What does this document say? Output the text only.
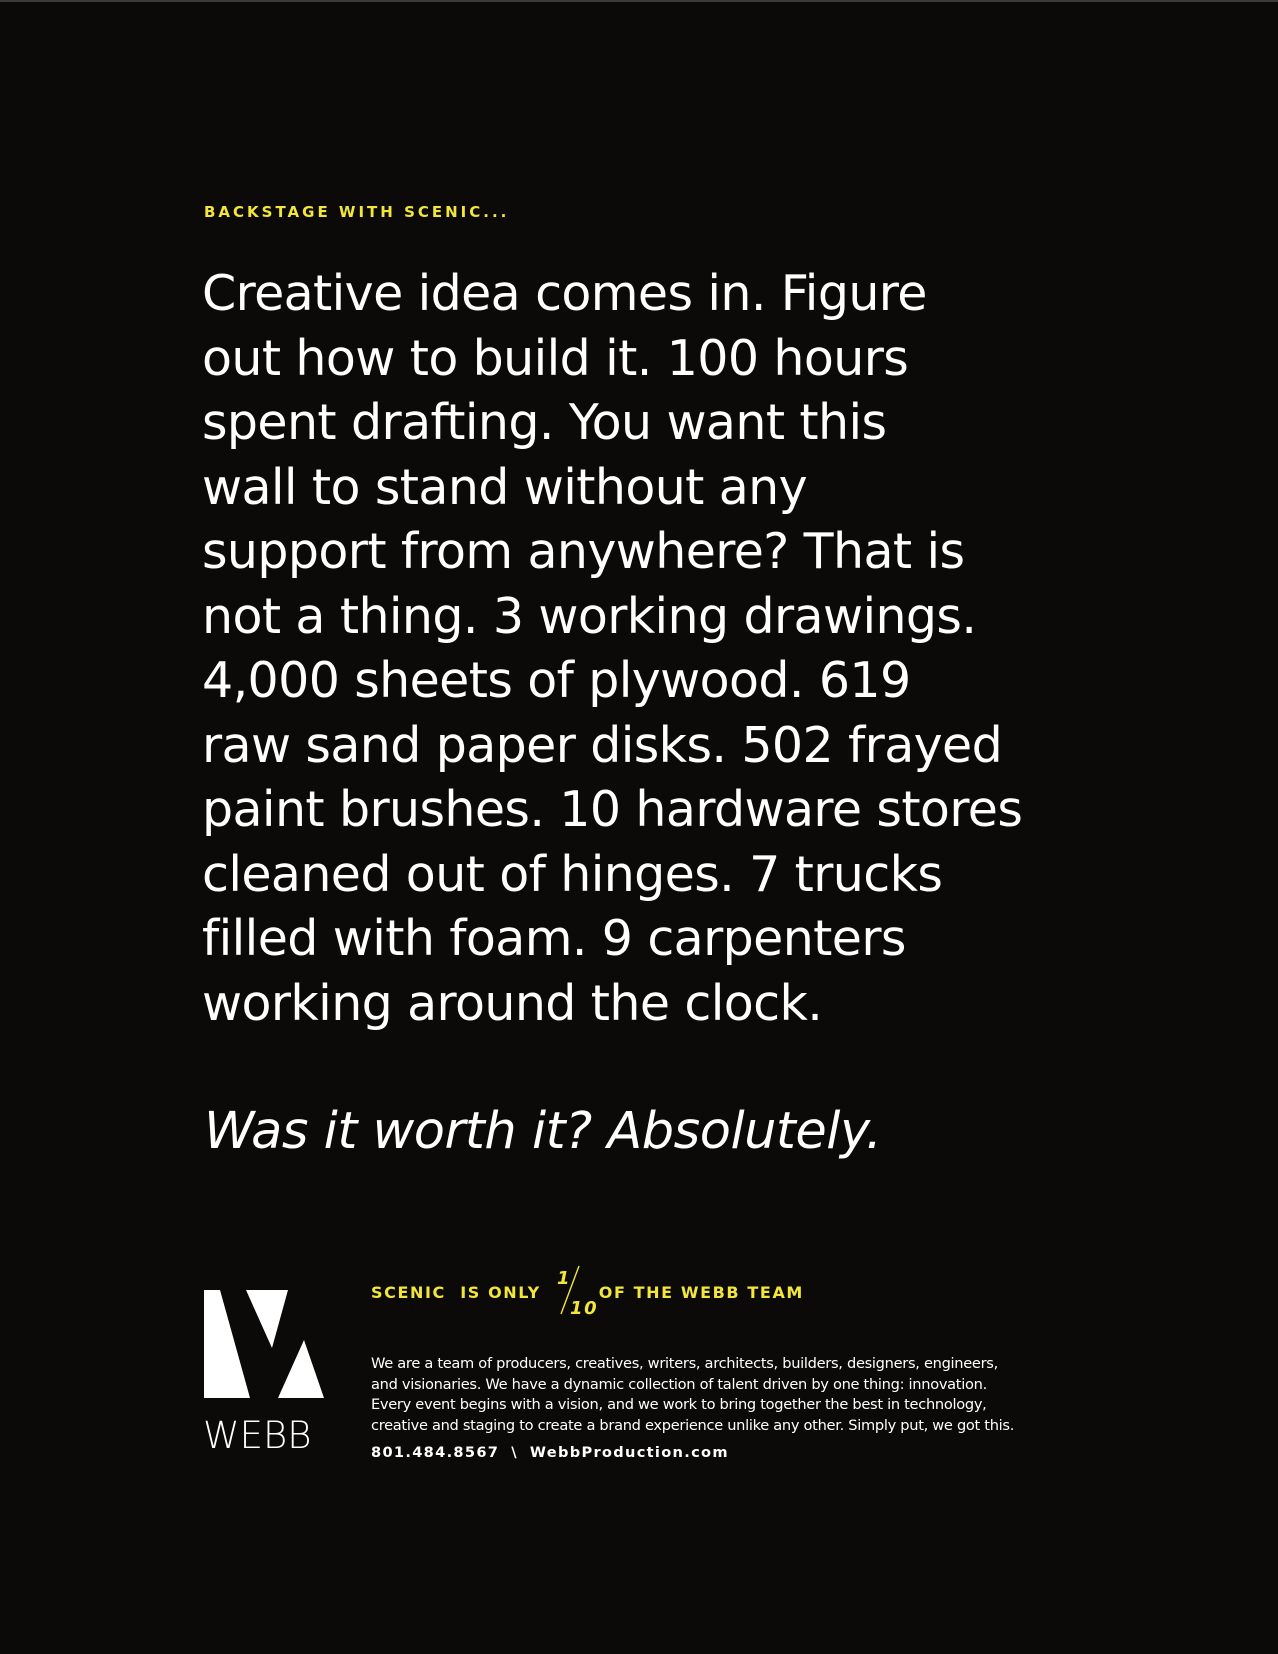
BACKSTAGE WITH SCENIC...
Creative idea comes in. Figure
out how to build it. 100 hours
spent drafting. You want this
wall to stand without any
support from anywhere? That is
not a thing. 3 working drawings.
4,000 sheets of plywood. 619
raw sand paper disks. 502 frayed
paint brushes. 10 hardware stores
cleaned out of hinges. 7 trucks
filled with foam. 9 carpenters
working around the clock.

Was it worth it? Absolutely.

WEBB
SCENIC  IS ONLY
1
10
OF THE WEBB TEAM

We are a team of producers, creatives, writers, architects, builders, designers, engineers,
and visionaries. We have a dynamic collection of talent driven by one thing: innovation.
Every event begins with a vision, and we work to bring together the best in technology,
creative and staging to create a brand experience unlike any other. Simply put, we got this.

801.484.8567 \ WebbProduction.com
